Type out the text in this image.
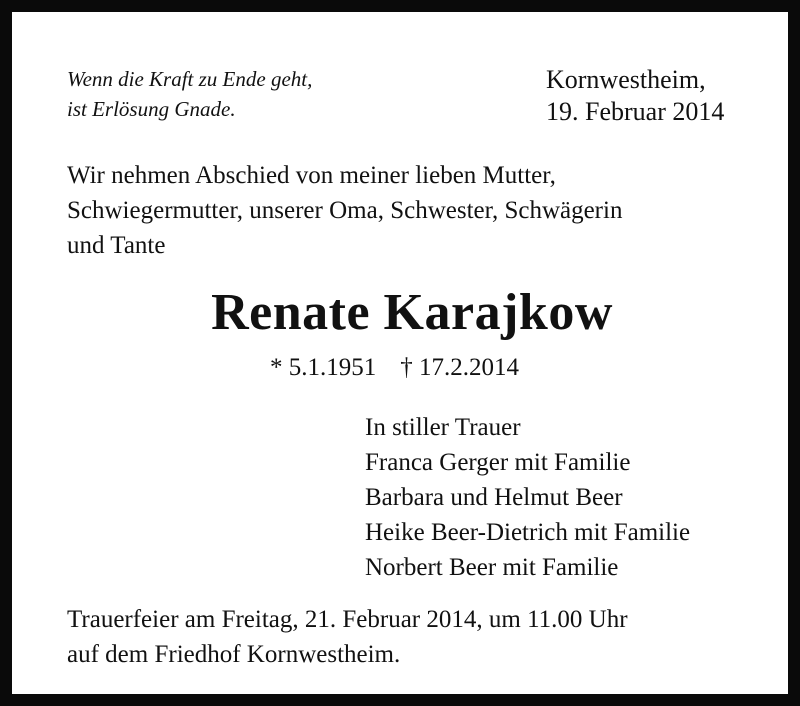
Wenn die Kraft zu Ende geht,
ist Erlösung Gnade.
Kornwestheim,
19. Februar 2014
Wir nehmen Abschied von meiner lieben Mutter,
Schwiegermutter, unserer Oma, Schwester, Schwägerin
und Tante
Renate Karajkow
* 5.1.1951 † 17.2.2014
In stiller Trauer
Franca Gerger mit Familie
Barbara und Helmut Beer
Heike Beer-Dietrich mit Familie
Norbert Beer mit Familie
Trauerfeier am Freitag, 21. Februar 2014, um 11.00 Uhr
auf dem Friedhof Kornwestheim.
